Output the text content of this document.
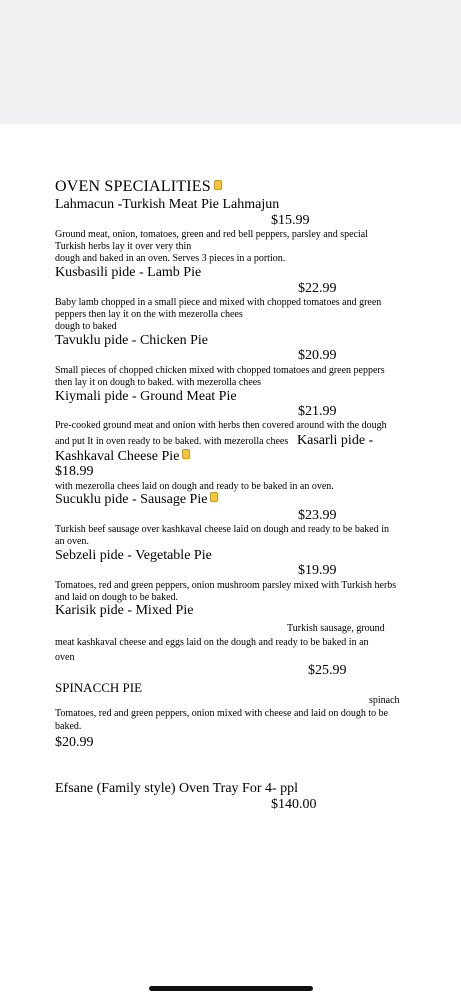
OVEN SPECIALITIES
Lahmacun -Turkish Meat Pie Lahmajun
$15.99
Ground meat, onion, tomatoes, green and red bell peppers, parsley and special
Turkish herbs lay it over very thin
dough and baked in an oven. Serves 3 pieces in a portion.
Kusbasili pide - Lamb Pie
$22.99
Baby lamb chopped in a small piece and mixed with chopped tomatoes and green
peppers then lay it on the with mezerolla chees
dough to baked
Tavuklu pide - Chicken Pie
$20.99
Small pieces of chopped chicken mixed with chopped tomatoes and green peppers
then lay it on dough to baked. with mezerolla chees
Kiymali pide - Ground Meat Pie
$21.99
Pre-cooked ground meat and onion with herbs then covered around with the dough
and put It in oven ready to be baked. with mezerolla chees Kasarli pide -
Kashkaval Cheese Pie
$18.99
with mezerolla chees laid on dough and ready to be baked in an oven.
Sucuklu pide - Sausage Pie
$23.99
Turkish beef sausage over kashkaval cheese laid on dough and ready to be baked in
an oven.
Sebzeli pide - Vegetable Pie
$19.99
Tomatoes, red and green peppers, onion mushroom parsley mixed with Turkish herbs
and laid on dough to be baked.
Karisik pide - Mixed Pie
Turkish sausage, ground
meat kashkaval cheese and eggs laid on the dough and ready to be baked in an
oven
$25.99
SPINACCH PIE
spinach
Tomatoes, red and green peppers, onion mixed with cheese and laid on dough to be
baked.
$20.99
Efsane (Family style) Oven Tray For 4- ppl
$140.00
